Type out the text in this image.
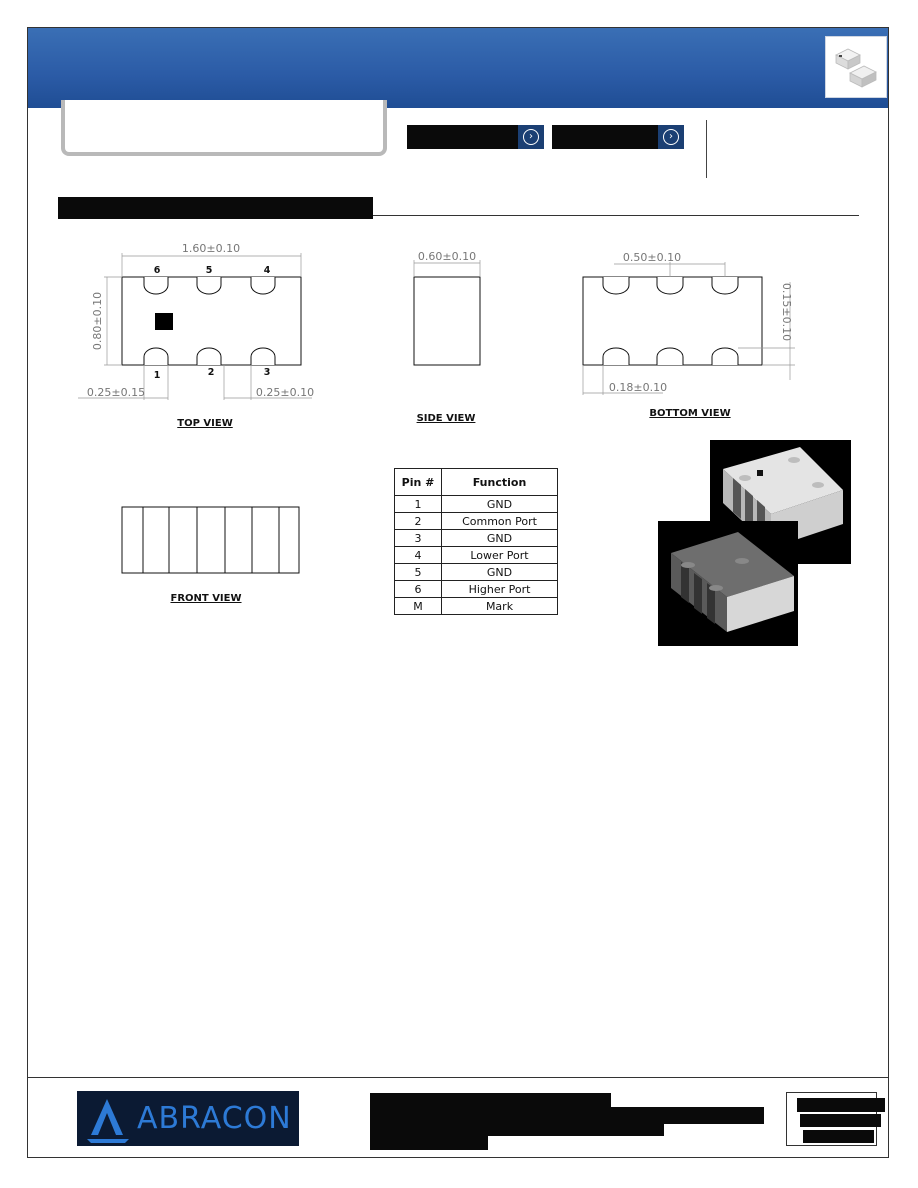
›	›
1.60±0.10
0.80±0.10
0.25±0.15	0.25±0.10
6	5	4
1	2	3
TOP VIEW
0.60±0.10
SIDE VIEW
0.50±0.10
0.15±0.10
0.18±0.10
BOTTOM VIEW
FRONT VIEW
Pin #	Function
1	GND
2	Common Port
3	GND
4	Lower Port
5	GND
6	Higher Port
M	Mark
ABRACON
